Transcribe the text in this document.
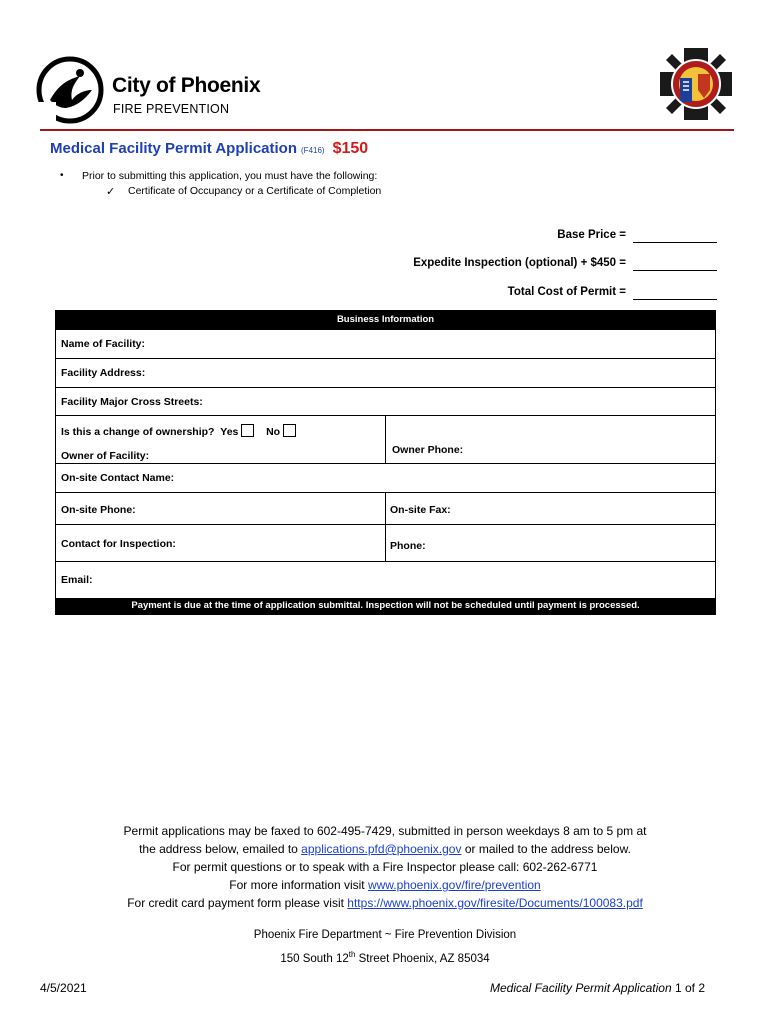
City of Phoenix
FIRE PREVENTION
Medical Facility Permit Application (F416) $150
• Prior to submitting this application, you must have the following:
✓ Certificate of Occupancy or a Certificate of Completion
Base Price =
Expedite Inspection (optional) + $450 =
Total Cost of Permit =
Business Information
Name of Facility:
Facility Address:
Facility Major Cross Streets:
Is this a change of ownership? Yes	No
Owner of Facility:	Owner Phone:
On-site Contact Name:
On-site Phone:	On-site Fax:
Contact for Inspection:	Phone:
Email:
Payment is due at the time of application submittal. Inspection will not be scheduled until payment is processed.
Permit applications may be faxed to 602-495-7429, submitted in person weekdays 8 am to 5 pm at
the address below, emailed to applications.pfd@phoenix.gov or mailed to the address below.
For permit questions or to speak with a Fire Inspector please call: 602-262-6771
For more information visit www.phoenix.gov/fire/prevention
For credit card payment form please visit https://www.phoenix.gov/firesite/Documents/100083.pdf
Phoenix Fire Department ~ Fire Prevention Division
150 South 12th Street Phoenix, AZ 85034
4/5/2021	Medical Facility Permit Application 1 of 2
